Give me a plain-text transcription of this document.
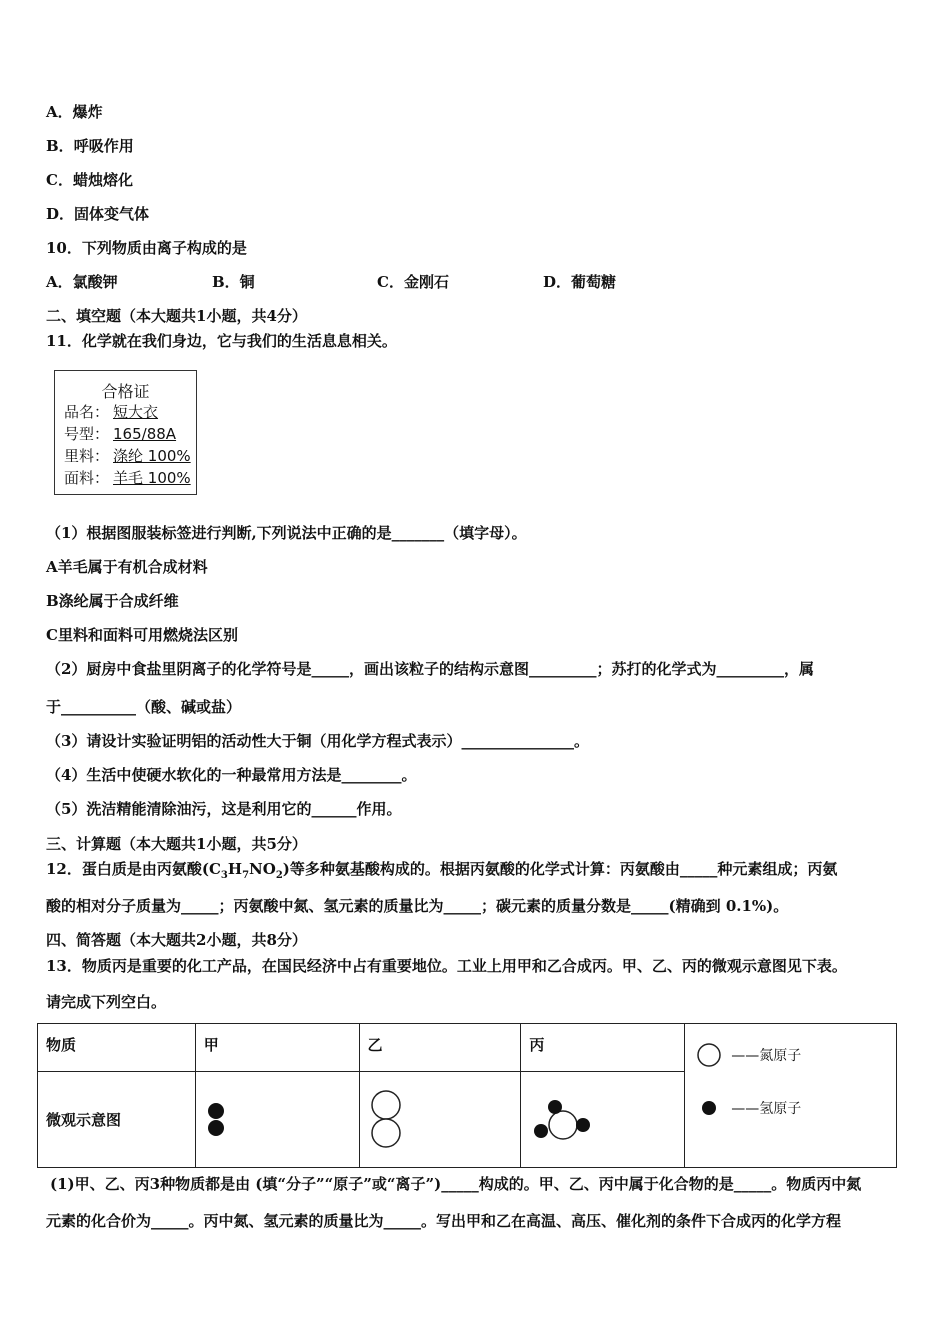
A．爆炸
B．呼吸作用
C．蜡烛熔化
D．固体变气体
10．下列物质由离子构成的是
A．氯酸钾	B．铜	C．金刚石	D．葡萄糖
二、填空题（本大题共1小题，共4分）
11．化学就在我们身边，它与我们的生活息息相关。
合格证
品名： 短大衣
号型： 165/88A
里料： 涤纶 100%
面料： 羊毛 100%
（1）根据图服装标签进行判断,下列说法中正确的是_______（填字母）。
A羊毛属于有机合成材料
B涤纶属于合成纤维
C里料和面料可用燃烧法区别
（2）厨房中食盐里阴离子的化学符号是_____，画出该粒子的结构示意图_________；苏打的化学式为_________，属
于__________（酸、碱或盐）
（3）请设计实验证明铝的活动性大于铜（用化学方程式表示）_______________。
（4）生活中使硬水软化的一种最常用方法是________。
（5）洗洁精能清除油污，这是利用它的______作用。
三、计算题（本大题共1小题，共5分）
12．蛋白质是由丙氨酸$(C_3H_7NO_2)$等多种氨基酸构成的。根据丙氨酸的化学式计算：丙氨酸由_____种元素组成；丙氨
酸的相对分子质量为_____；丙氨酸中氮、氢元素的质量比为_____；碳元素的质量分数是_____(精确到 0.1%)。
四、简答题（本大题共2小题，共8分）
13．物质丙是重要的化工产品，在国民经济中占有重要地位。工业上用甲和乙合成丙。甲、乙、丙的微观示意图见下表。
请完成下列空白。
物质	甲	乙	丙	——氮原子
——氢原子

微观示意图	

(1)甲、乙、丙3种物质都是由 (填“分子”“原子”或“离子”)_____构成的。甲、乙、丙中属于化合物的是_____。物质丙中氮
元素的化合价为_____。丙中氮、氢元素的质量比为_____。写出甲和乙在高温、高压、催化剂的条件下合成丙的化学方程
